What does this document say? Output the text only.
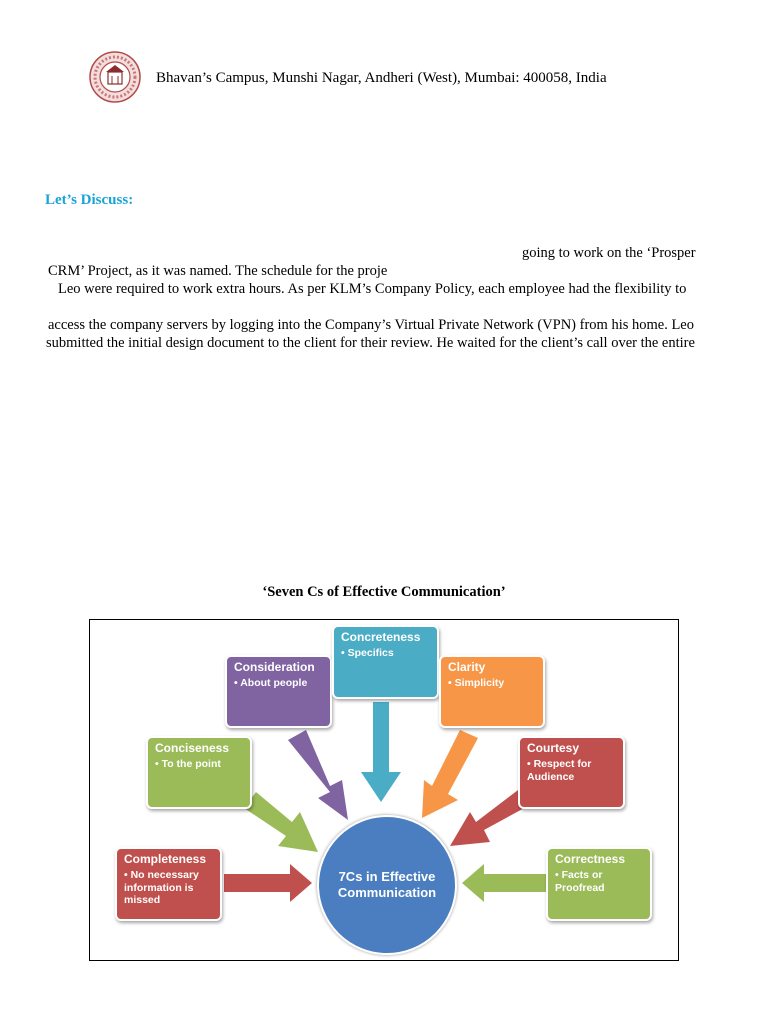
Bhavan’s Campus, Munshi Nagar, Andheri (West), Mumbai: 400058, India
Let’s Discuss:
going to work on the ‘Prosper
CRM’ Project, as it was named. The schedule for the proje
Leo were required to work extra hours. As per KLM’s Company Policy, each employee had the flexibility to
access the company servers by logging into the Company’s Virtual Private Network (VPN) from his home. Leo
submitted the initial design document to the client for their review. He waited for the client’s call over the entire
‘Seven Cs of Effective Communication’
Completeness
• No necessary information is missed
Conciseness
• To the point
Consideration
• About people
Concreteness
• Specifics
Clarity
• Simplicity
Courtesy
• Respect for Audience
Correctness
• Facts or Proofread
7Cs in Effective
Communication
